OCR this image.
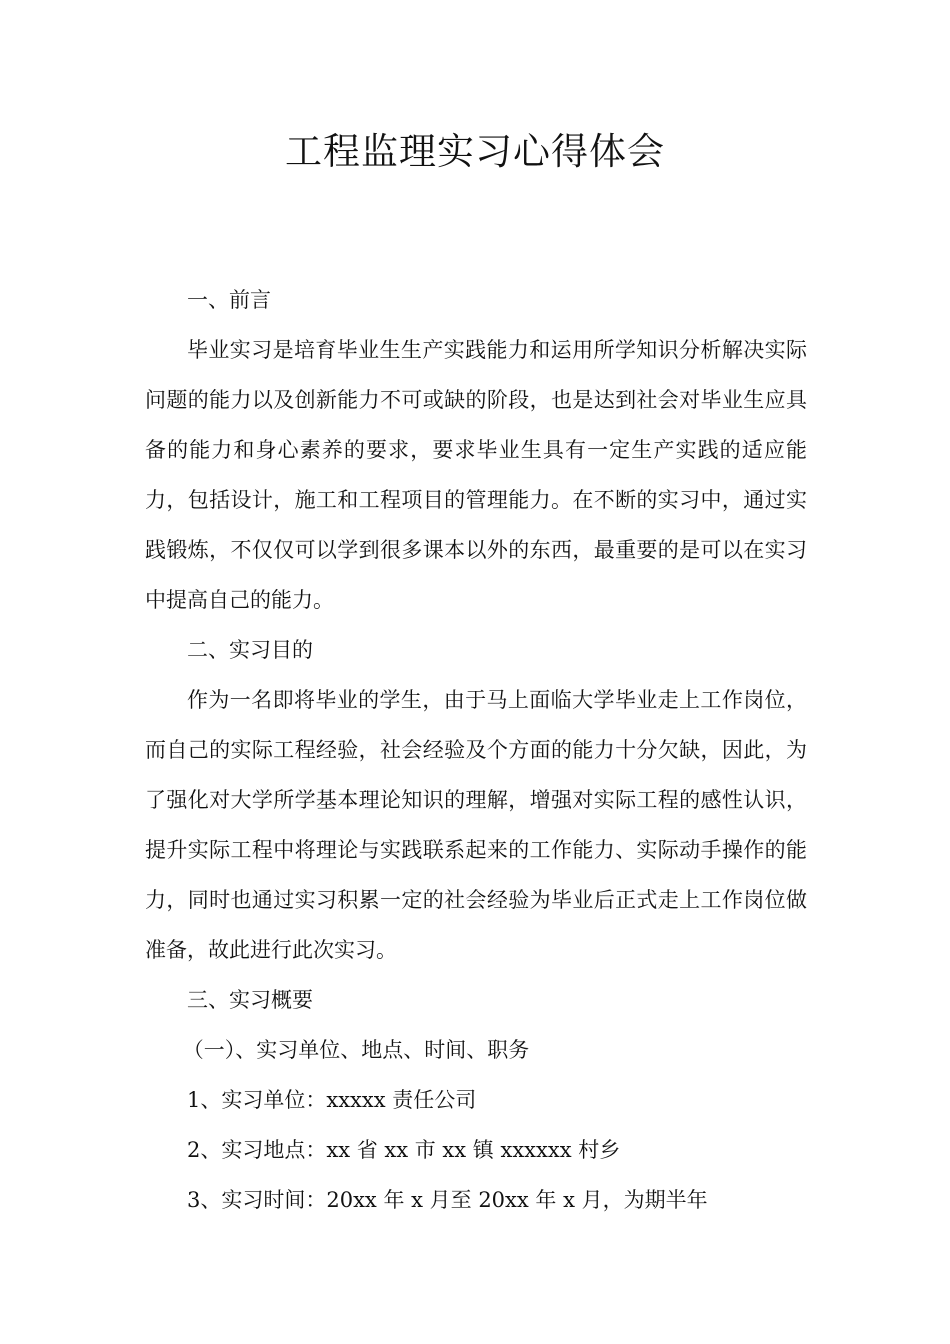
工程监理实习心得体会

一、前言

毕业实习是培育毕业生生产实践能力和运用所学知识分析解决实际问题的能力以及创新能力不可或缺的阶段，也是达到社会对毕业生应具备的能力和身心素养的要求，要求毕业生具有一定生产实践的适应能力，包括设计，施工和工程项目的管理能力。在不断的实习中，通过实践锻炼，不仅仅可以学到很多课本以外的东西，最重要的是可以在实习中提高自己的能力。

二、实习目的

作为一名即将毕业的学生，由于马上面临大学毕业走上工作岗位，而自己的实际工程经验，社会经验及个方面的能力十分欠缺，因此，为了强化对大学所学基本理论知识的理解，增强对实际工程的感性认识，提升实际工程中将理论与实践联系起来的工作能力、实际动手操作的能力，同时也通过实习积累一定的社会经验为毕业后正式走上工作岗位做准备，故此进行此次实习。

三、实习概要

（一）、实习单位、地点、时间、职务

1、实习单位：xxxxx 责任公司

2、实习地点：xx 省 xx 市 xx 镇 xxxxxx 村乡

3、实习时间：20xx 年 x 月至 20xx 年 x 月，为期半年
